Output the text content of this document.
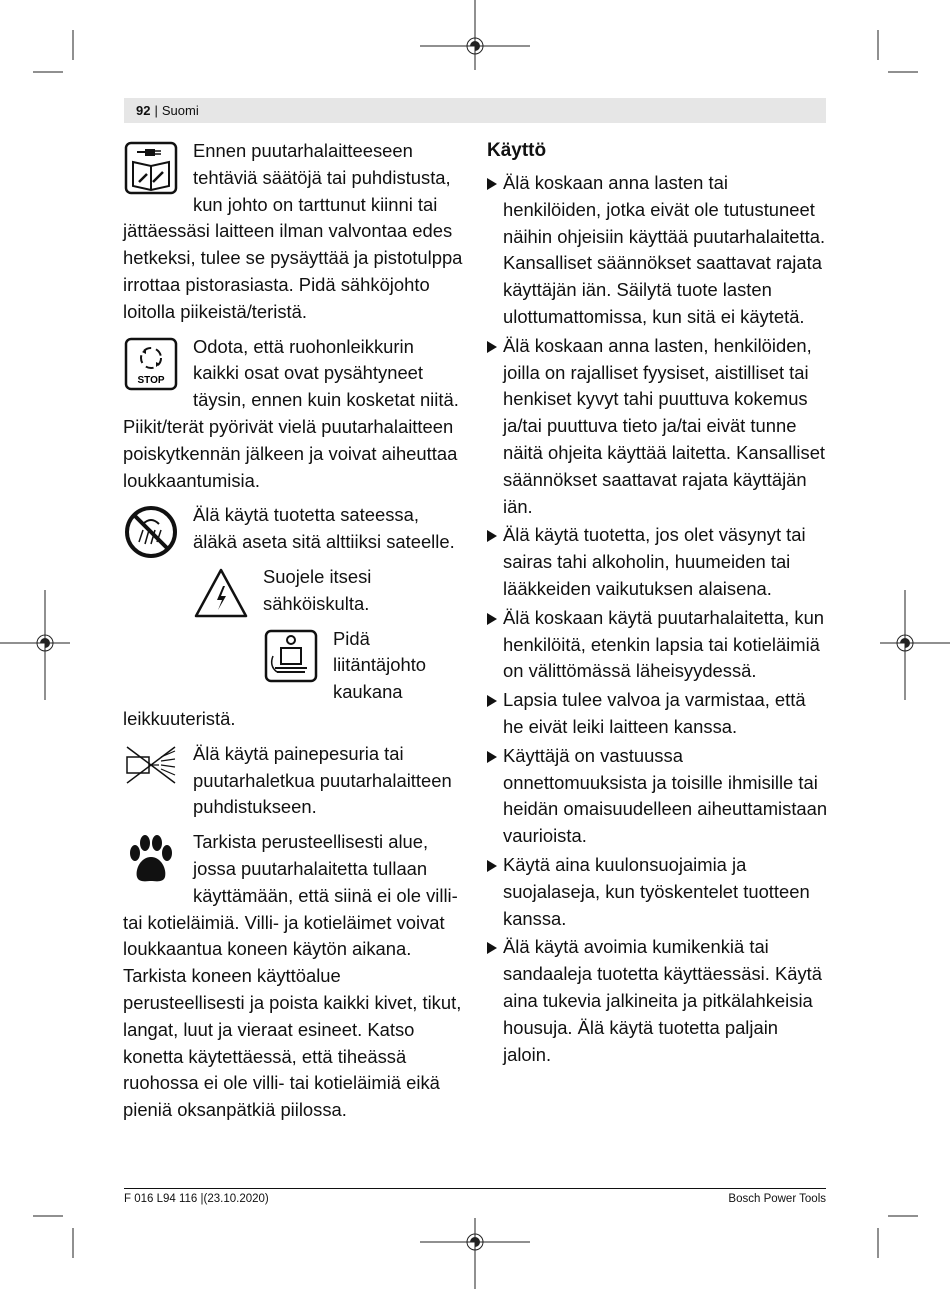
92 | Suomi
Ennen puutarhalaitteeseen tehtäviä säätöjä tai puhdistusta, kun johto on tarttunut kiinni tai jättäessäsi laitteen ilman valvontaa edes hetkeksi, tulee se pysäyttää ja pistotulppa irrottaa pistorasiasta. Pidä sähköjohto loitolla piikeistä/teristä.
STOP
Odota, että ruohonleikkurin kaikki osat ovat pysähtyneet täysin, ennen kuin kosketat niitä. Piikit/terät pyörivät vielä puutarhalaitteen poiskytkennän jälkeen ja voivat aiheuttaa loukkaantumisia.
Älä käytä tuotetta sateessa, äläkä aseta sitä alttiiksi sateelle.
Suojele itsesi sähköiskulta.
Pidä liitäntäjohto kaukana leikkuuteristä.
Älä käytä painepesuria tai puutarhaletkua puutarhalaitteen puhdistukseen.
Tarkista perusteellisesti alue, jossa puutarhalaitetta tullaan käyttämään, että siinä ei ole villi- tai kotieläimiä. Villi- ja kotieläimet voivat loukkaantua koneen käytön aikana. Tarkista koneen käyttöalue perusteellisesti ja poista kaikki kivet, tikut, langat, luut ja vieraat esineet. Katso konetta käytettäessä, että tiheässä ruohossa ei ole villi- tai kotieläimiä eikä pieniä oksanpätkiä piilossa.
Käyttö
Älä koskaan anna lasten tai henkilöiden, jotka eivät ole tutustuneet näihin ohjeisiin käyttää puutarhalaitetta. Kansalliset säännökset saattavat rajata käyttäjän iän. Säilytä tuote lasten ulottumattomissa, kun sitä ei käytetä.
Älä koskaan anna lasten, henkilöiden, joilla on rajalliset fyysiset, aistilliset tai henkiset kyvyt tahi puuttuva kokemus ja/tai puuttuva tieto ja/tai eivät tunne näitä ohjeita käyttää laitetta. Kansalliset säännökset saattavat rajata käyttäjän iän.
Älä käytä tuotetta, jos olet väsynyt tai sairas tahi alkoholin, huumeiden tai lääkkeiden vaikutuksen alaisena.
Älä koskaan käytä puutarhalaitetta, kun henkilöitä, etenkin lapsia tai kotieläimiä on välittömässä läheisyydessä.
Lapsia tulee valvoa ja varmistaa, että he eivät leiki laitteen kanssa.
Käyttäjä on vastuussa onnettomuuksista ja toisille ihmisille tai heidän omaisuudelleen aiheuttamistaan vaurioista.
Käytä aina kuulonsuojaimia ja suojalaseja, kun työskentelet tuotteen kanssa.
Älä käytä avoimia kumikenkiä tai sandaaleja tuotetta käyttäessäsi. Käytä aina tukevia jalkineita ja pitkälahkeisia housuja. Älä käytä tuotetta paljain jaloin.
F 016 L94 116 |(23.10.2020)	Bosch Power Tools
